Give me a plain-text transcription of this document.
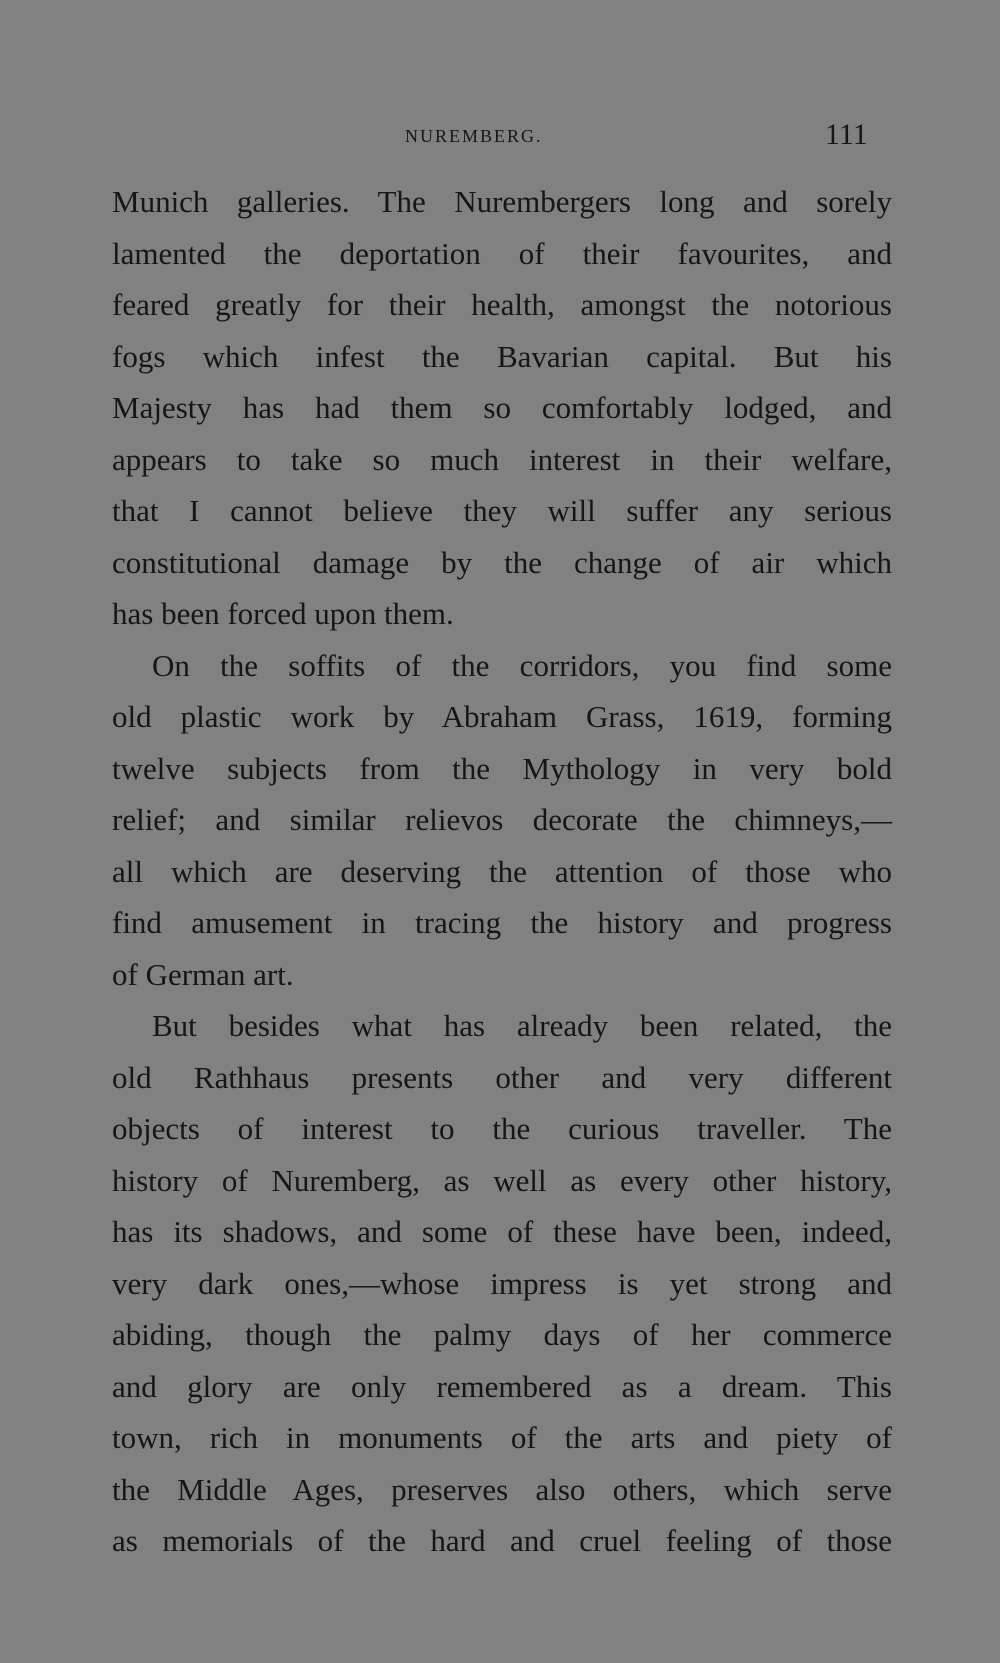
NUREMBERG.	111
Munich galleries. The Nurembergers long and sorely
lamented the deportation of their favourites, and
feared greatly for their health, amongst the notorious
fogs which infest the Bavarian capital. But his
Majesty has had them so comfortably lodged, and
appears to take so much interest in their welfare,
that I cannot believe they will suffer any serious
constitutional damage by the change of air which
has been forced upon them.
On the soffits of the corridors, you find some
old plastic work by Abraham Grass, 1619, forming
twelve subjects from the Mythology in very bold
relief; and similar relievos decorate the chimneys,—
all which are deserving the attention of those who
find amusement in tracing the history and progress
of German art.
But besides what has already been related, the
old Rathhaus presents other and very different
objects of interest to the curious traveller. The
history of Nuremberg, as well as every other history,
has its shadows, and some of these have been, indeed,
very dark ones,—whose impress is yet strong and
abiding, though the palmy days of her commerce
and glory are only remembered as a dream. This
town, rich in monuments of the arts and piety of
the Middle Ages, preserves also others, which serve
as memorials of the hard and cruel feeling of those
